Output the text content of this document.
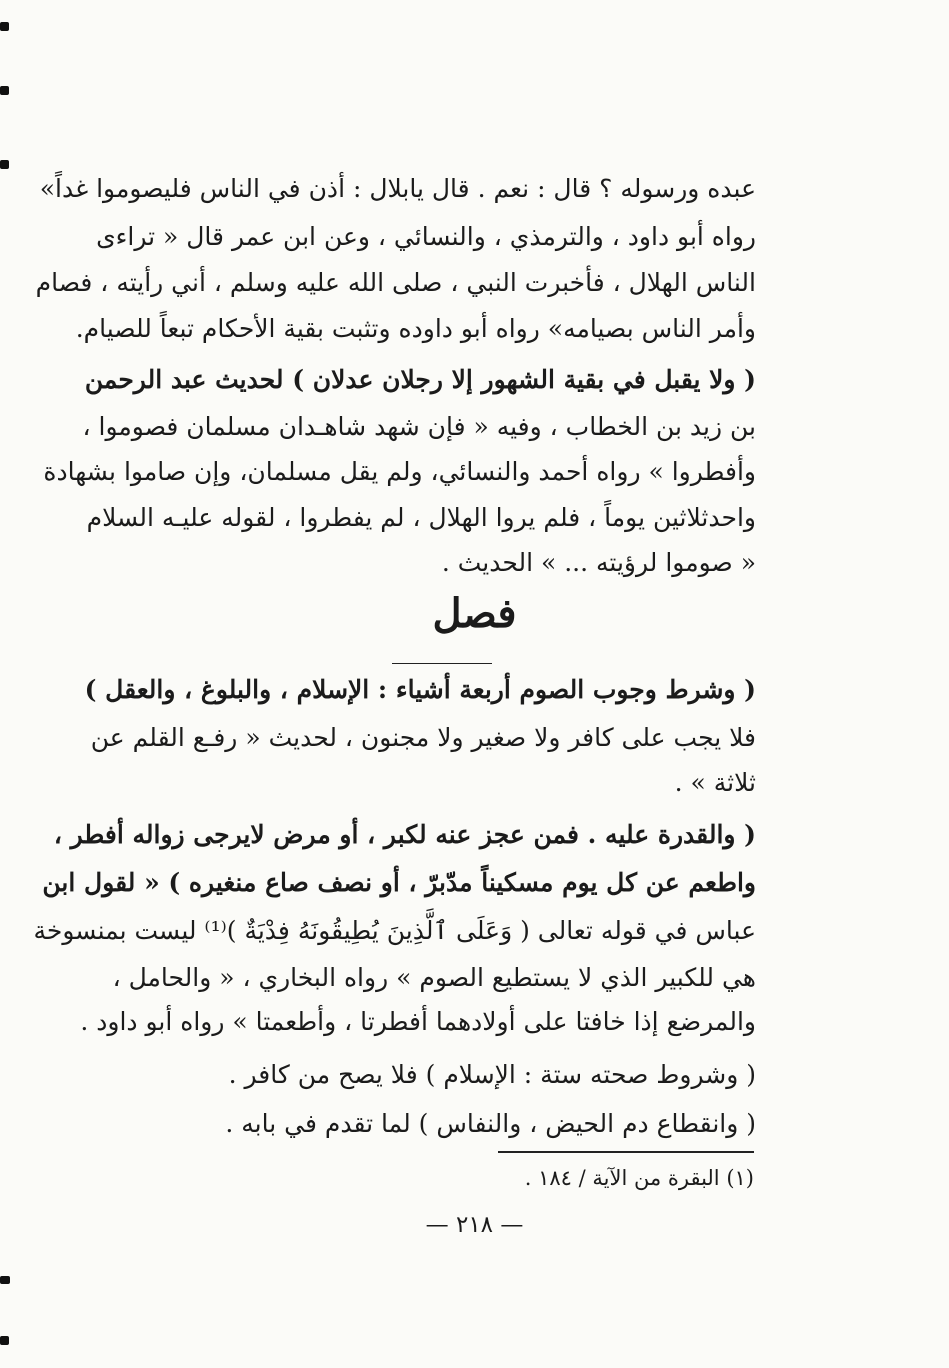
عبده ورسوله ؟ قال : نعم . قال يابلال : أذن في الناس فليصوموا غداً»
رواه أبو داود ، والترمذي ، والنسائي ، وعن ابن عمر قال « تراءى
الناس الهلال ، فأخبرت النبي ، صلى الله عليه وسلم ، أني رأيته ، فصام
وأمر الناس بصيامه» رواه أبو داوده وتثبت بقية الأحكام تبعاً للصيام.
( ولا يقبل في بقية الشهور إلا رجلان عدلان ) لحديث عبد الرحمن
بن زيد بن الخطاب ، وفيه « فإن شهد شاهـدان مسلمان فصوموا ،
وأفطروا » رواه أحمد والنسائي، ولم يقل مسلمان، وإن صاموا بشهادة
واحدثلاثين يوماً ، فلم يروا الهلال ، لم يفطروا ، لقوله عليـه السلام
« صوموا لرؤيته ... » الحديث .
فصل
( وشرط وجوب الصوم أربعة أشياء : الإسلام ، والبلوغ ، والعقل )
فلا يجب على كافر ولا صغير ولا مجنون ، لحديث « رفـع القلم عن
ثلاثة » .
( والقدرة عليه . فمن عجز عنه لكبر ، أو مرض لايرجى زواله أفطر ،
واطعم عن كل يوم مسكيناً مدّبرّ ، أو نصف صاع منغيره ) « لقول ابن
عباس في قوله تعالى ( وَعَلَى ٱلَّذِينَ يُطِيقُونَهُ فِدْيَةٌ )⁽¹⁾ ليست بمنسوخة
هي للكبير الذي لا يستطيع الصوم » رواه البخاري ، « والحامل ،
والمرضع إذا خافتا على أولادهما أفطرتا ، وأطعمتا » رواه أبو داود .
( وشروط صحته ستة : الإسلام ) فلا يصح من كافر .
( وانقطاع دم الحيض ، والنفاس ) لما تقدم في بابه .
(١) البقرة من الآية / ١٨٤ .
— ٢١٨ —
